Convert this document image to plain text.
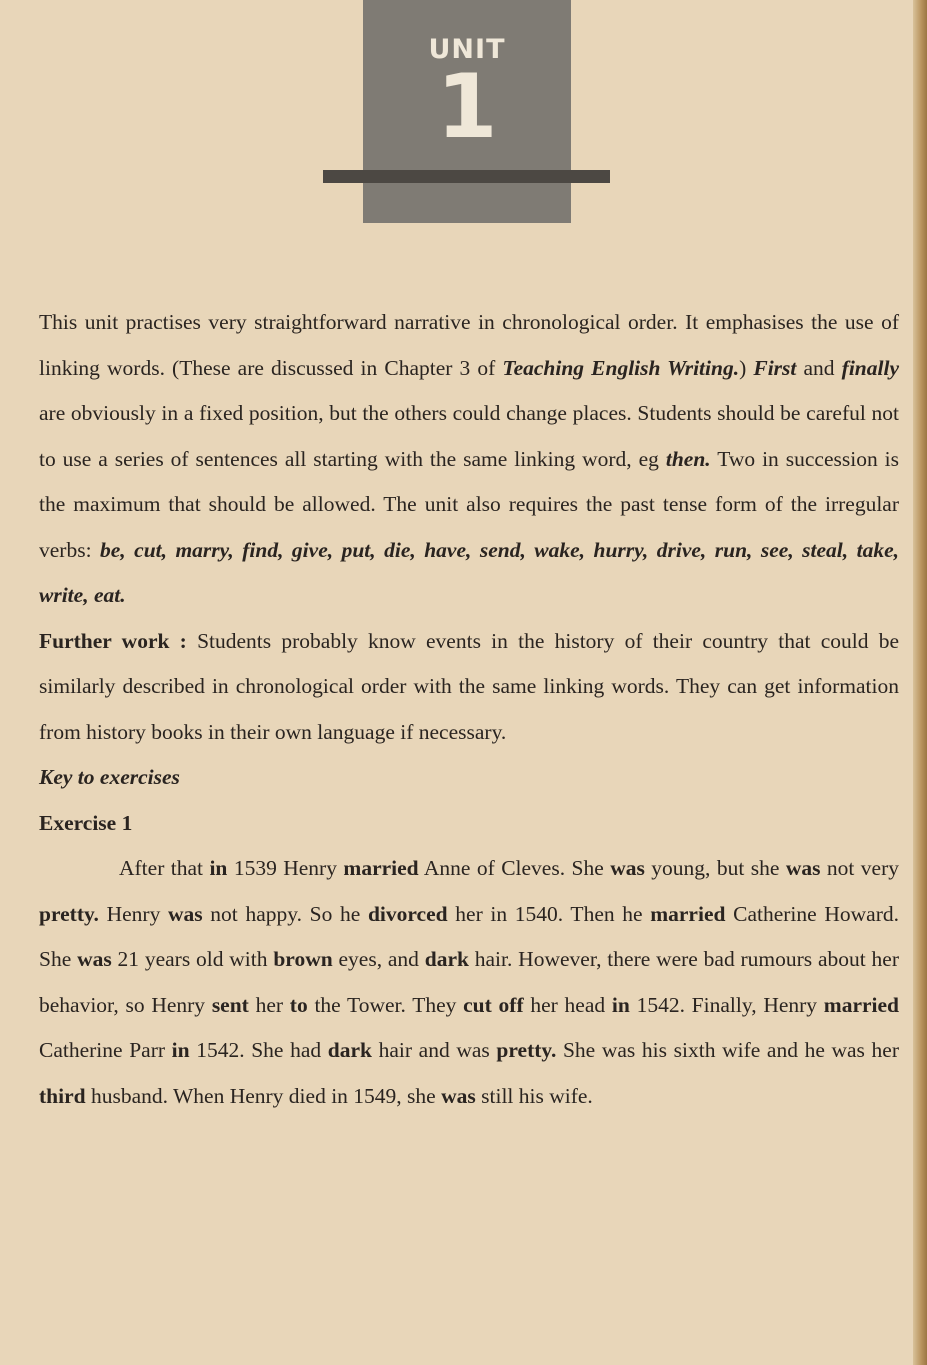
UNIT
1

This unit practises very straightforward narrative in chronological order. It emphasises the use of linking words. (These are discussed in Chapter 3 of Teaching English Writing.) First and finally are obviously in a fixed position, but the others could change places. Students should be careful not to use a series of sentences all starting with the same linking word, eg then. Two in succession is the maximum that should be allowed. The unit also requires the past tense form of the irregular verbs: be, cut, marry, find, give, put, die, have, send, wake, hurry, drive, run, see, steal, take, write, eat.

Further work : Students probably know events in the history of their country that could be similarly described in chronological order with the same linking words. They can get information from history books in their own language if necessary.

Key to exercises

Exercise 1

After that in 1539 Henry married Anne of Cleves. She was young, but she was not very pretty. Henry was not happy. So he divorced her in 1540. Then he married Catherine Howard. She was 21 years old with brown eyes, and dark hair. However, there were bad rumours about her behavior, so Henry sent her to the Tower. They cut off her head in 1542. Finally, Henry married Catherine Parr in 1542. She had dark hair and was pretty. She was his sixth wife and he was her third husband. When Henry died in 1549, she was still his wife.
